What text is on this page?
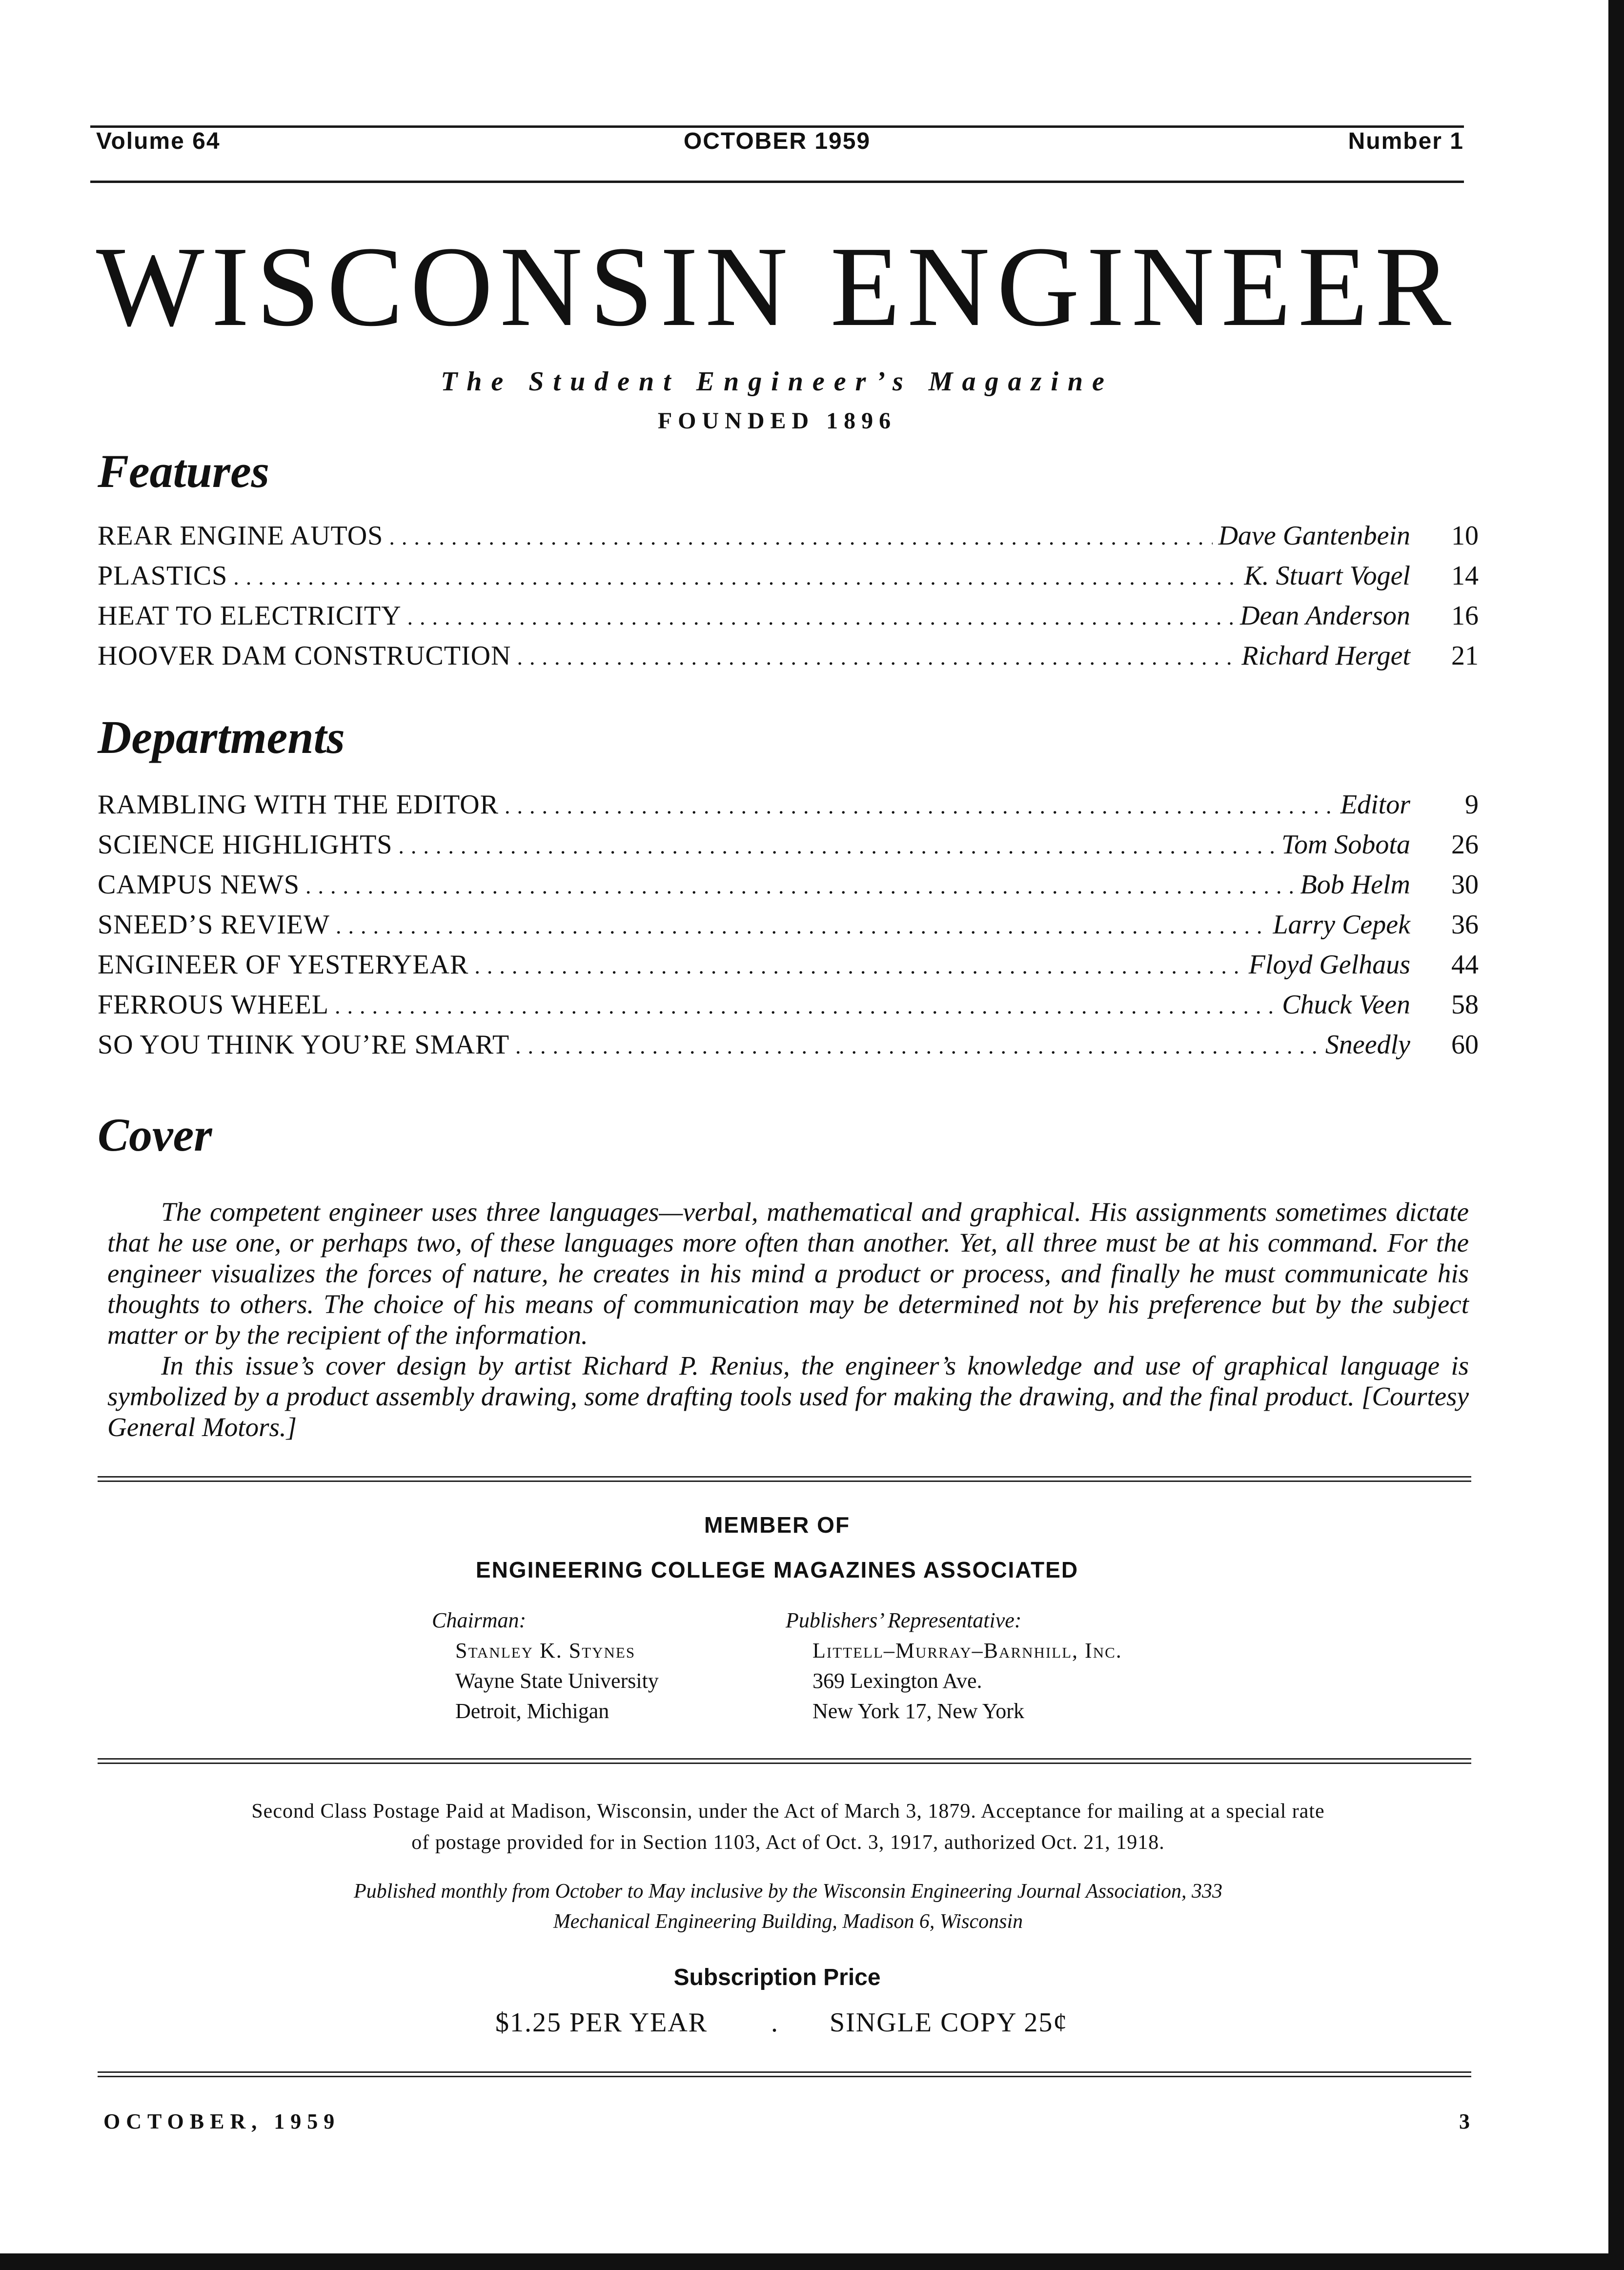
Volume 64	OCTOBER 1959	Number 1
WISCONSIN ENGINEER
The Student Engineer’s Magazine
FOUNDED 1896
Features
REAR ENGINE AUTOS .....	Dave Gantenbein	10
PLASTICS .....	K. Stuart Vogel	14
HEAT TO ELECTRICITY .....	Dean Anderson	16
HOOVER DAM CONSTRUCTION .....	Richard Herget	21
Departments
RAMBLING WITH THE EDITOR .....	Editor	9
SCIENCE HIGHLIGHTS .....	Tom Sobota	26
CAMPUS NEWS .....	Bob Helm	30
SNEED’S REVIEW .....	Larry Cepek	36
ENGINEER OF YESTERYEAR .....	Floyd Gelhaus	44
FERROUS WHEEL .....	Chuck Veen	58
SO YOU THINK YOU’RE SMART .....	Sneedly	60
Cover

The competent engineer uses three languages—verbal, mathematical and graphical. His assignments sometimes dictate that he use one, or perhaps two, of these languages more often than another. Yet, all three must be at his command. For the engineer visualizes the forces of nature, he creates in his mind a product or process, and finally he must communicate his thoughts to others. The choice of his means of communication may be determined not by his preference but by the subject matter or by the recipient of the information.

In this issue’s cover design by artist Richard P. Renius, the engineer’s knowledge and use of graphical language is symbolized by a product assembly drawing, some drafting tools used for making the drawing, and the final product. [Courtesy General Motors.]

MEMBER OF
ENGINEERING COLLEGE MAGAZINES ASSOCIATED
Chairman:
Stanley K. Stynes
Wayne State University
Detroit, Michigan
Publishers’ Representative:
Littell–Murray–Barnhill, Inc.
369 Lexington Ave.
New York 17, New York
Second Class Postage Paid at Madison, Wisconsin, under the Act of March 3, 1879. Acceptance for mailing at a special rate
of postage provided for in Section 1103, Act of Oct. 3, 1917, authorized Oct. 21, 1918.
Published monthly from October to May inclusive by the Wisconsin Engineering Journal Association, 333
Mechanical Engineering Building, Madison 6, Wisconsin
Subscription Price
$1.25 PER YEAR . SINGLE COPY 25¢
OCTOBER, 1959	3
